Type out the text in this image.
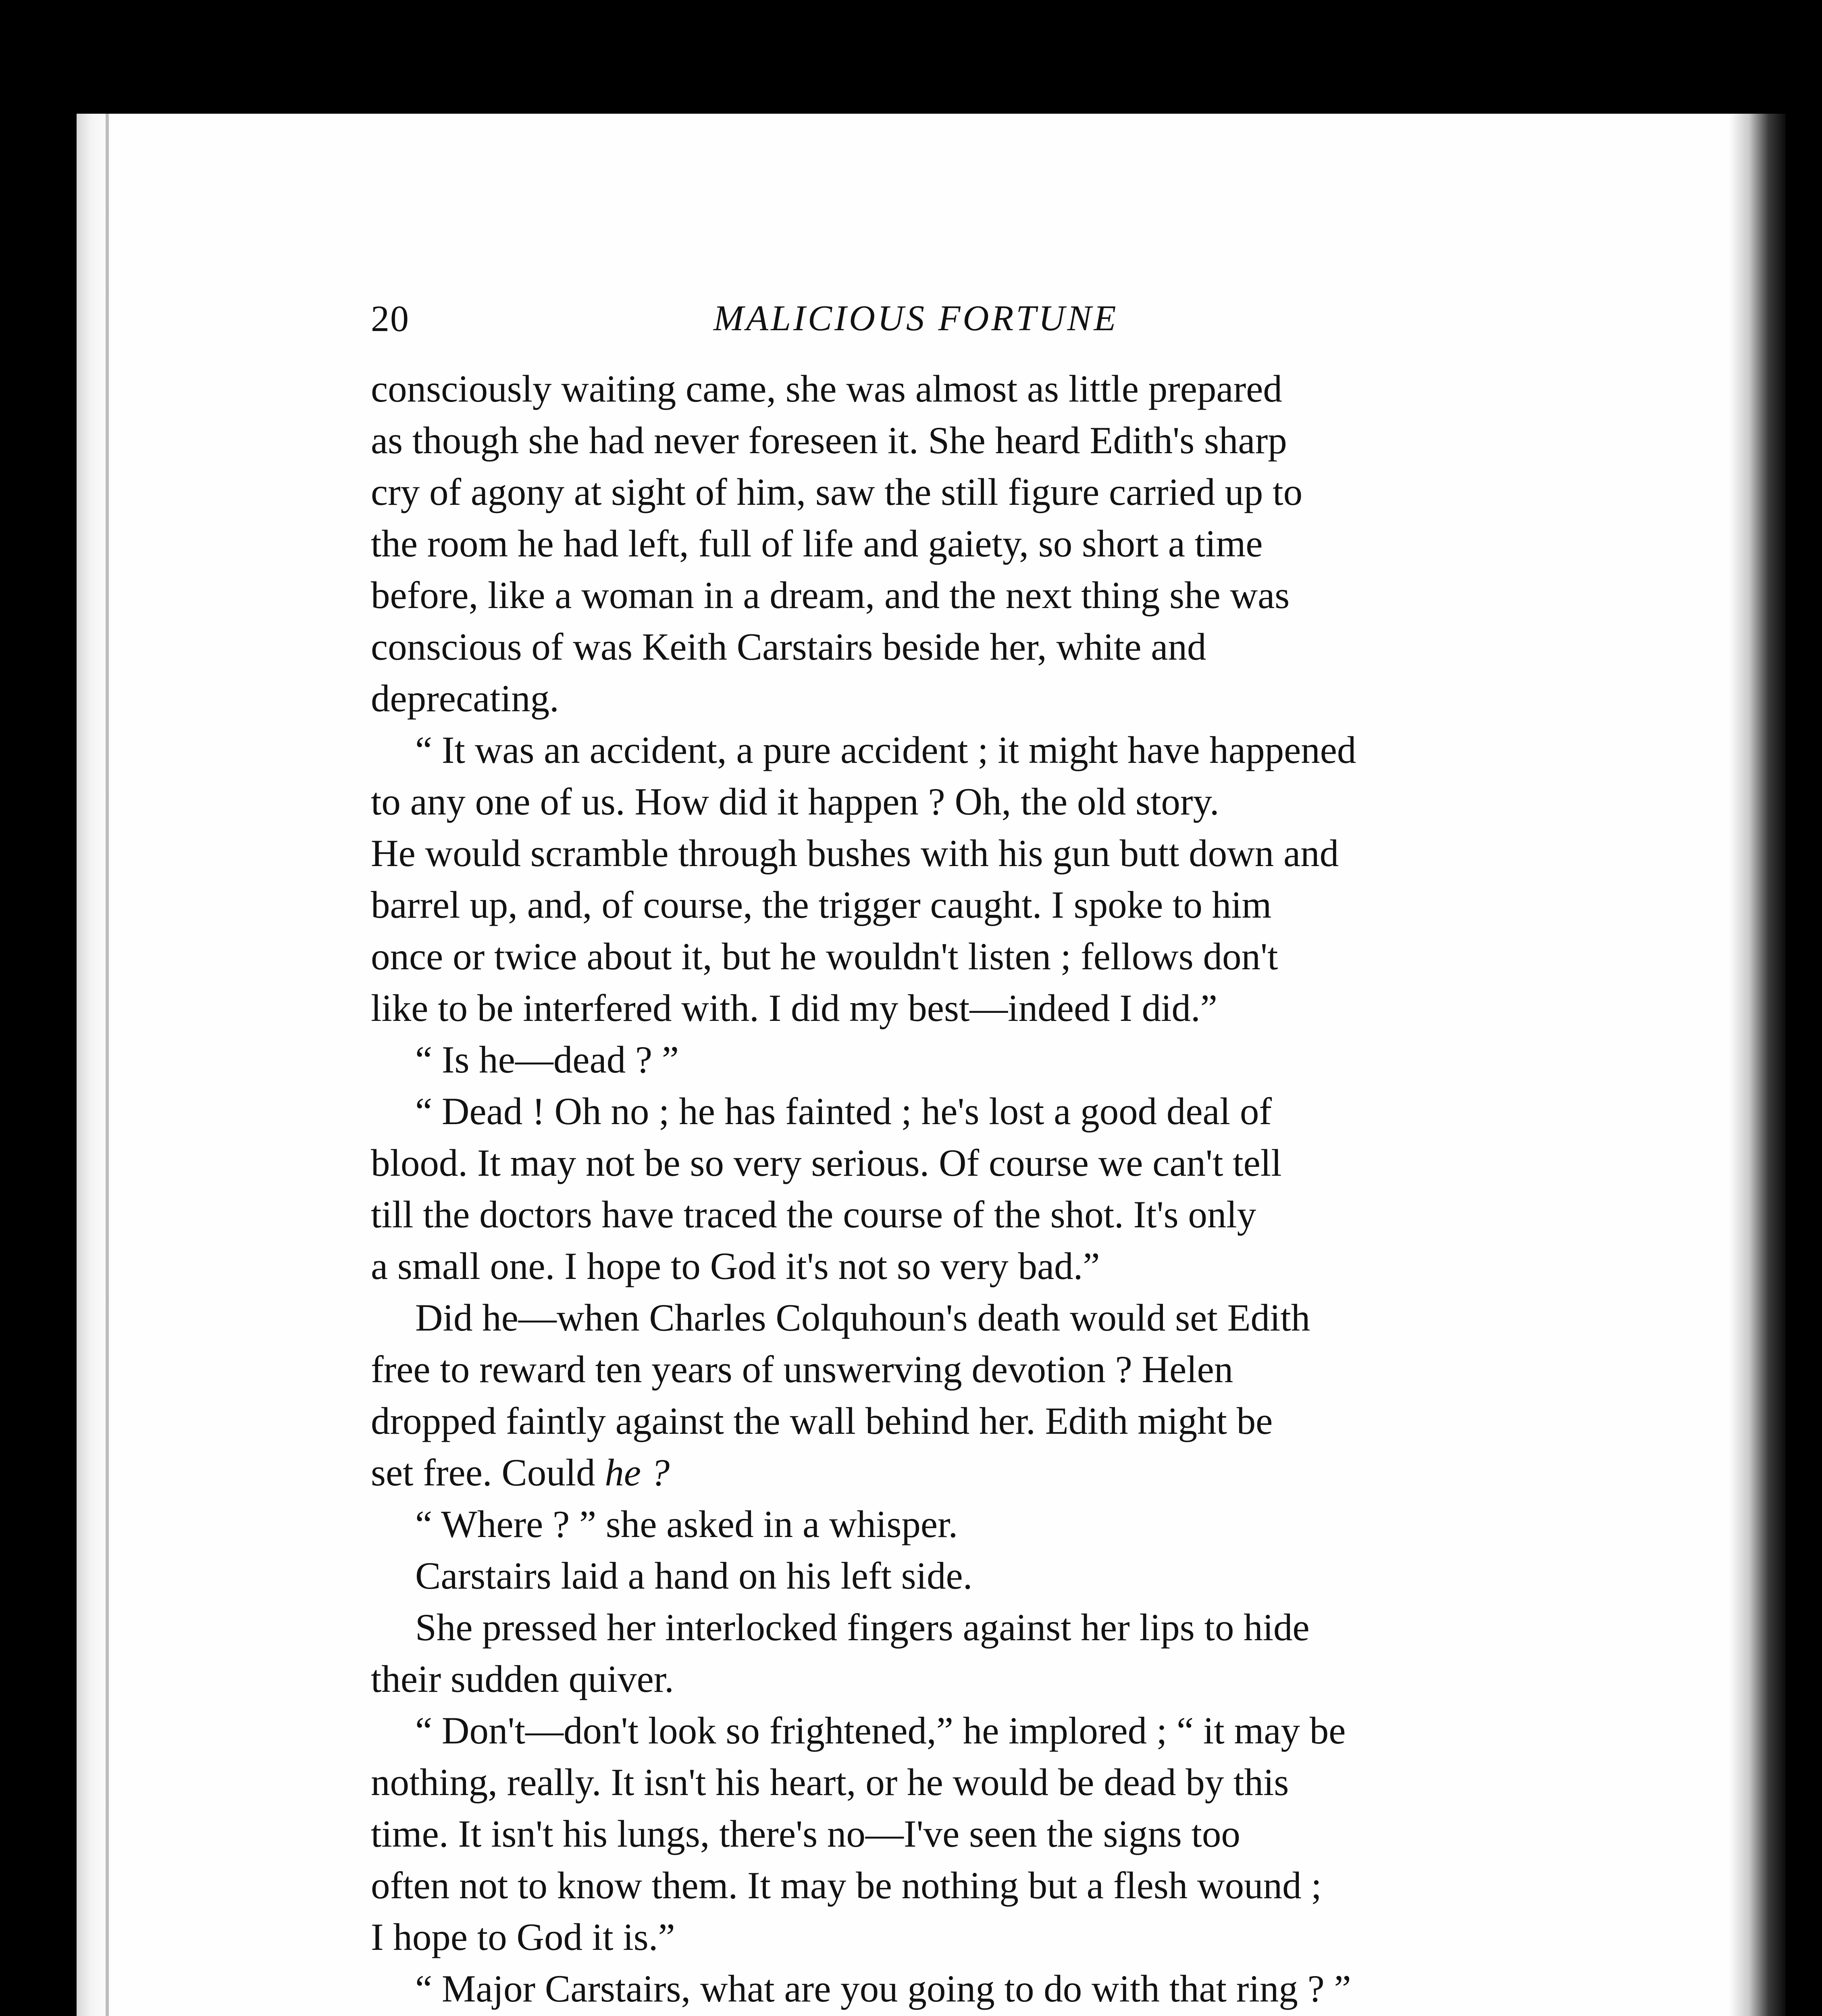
20	MALICIOUS FORTUNE
consciously waiting came, she was almost as little prepared
as though she had never foreseen it. She heard Edith's sharp
cry of agony at sight of him, saw the still figure carried up to
the room he had left, full of life and gaiety, so short a time
before, like a woman in a dream, and the next thing she was
conscious of was Keith Carstairs beside her, white and
deprecating.
“ It was an accident, a pure accident ; it might have happened
to any one of us. How did it happen ? Oh, the old story.
He would scramble through bushes with his gun butt down and
barrel up, and, of course, the trigger caught. I spoke to him
once or twice about it, but he wouldn't listen ; fellows don't
like to be interfered with. I did my best—indeed I did.”
“ Is he—dead ? ”
“ Dead ! Oh no ; he has fainted ; he's lost a good deal of
blood. It may not be so very serious. Of course we can't tell
till the doctors have traced the course of the shot. It's only
a small one. I hope to God it's not so very bad.”
Did he—when Charles Colquhoun's death would set Edith
free to reward ten years of unswerving devotion ? Helen
dropped faintly against the wall behind her. Edith might be
set free. Could he ?
“ Where ? ” she asked in a whisper.
Carstairs laid a hand on his left side.
She pressed her interlocked fingers against her lips to hide
their sudden quiver.
“ Don't—don't look so frightened,” he implored ; “ it may be
nothing, really. It isn't his heart, or he would be dead by this
time. It isn't his lungs, there's no—I've seen the signs too
often not to know them. It may be nothing but a flesh wound ;
I hope to God it is.”
“ Major Carstairs, what are you going to do with that ring ? ”
